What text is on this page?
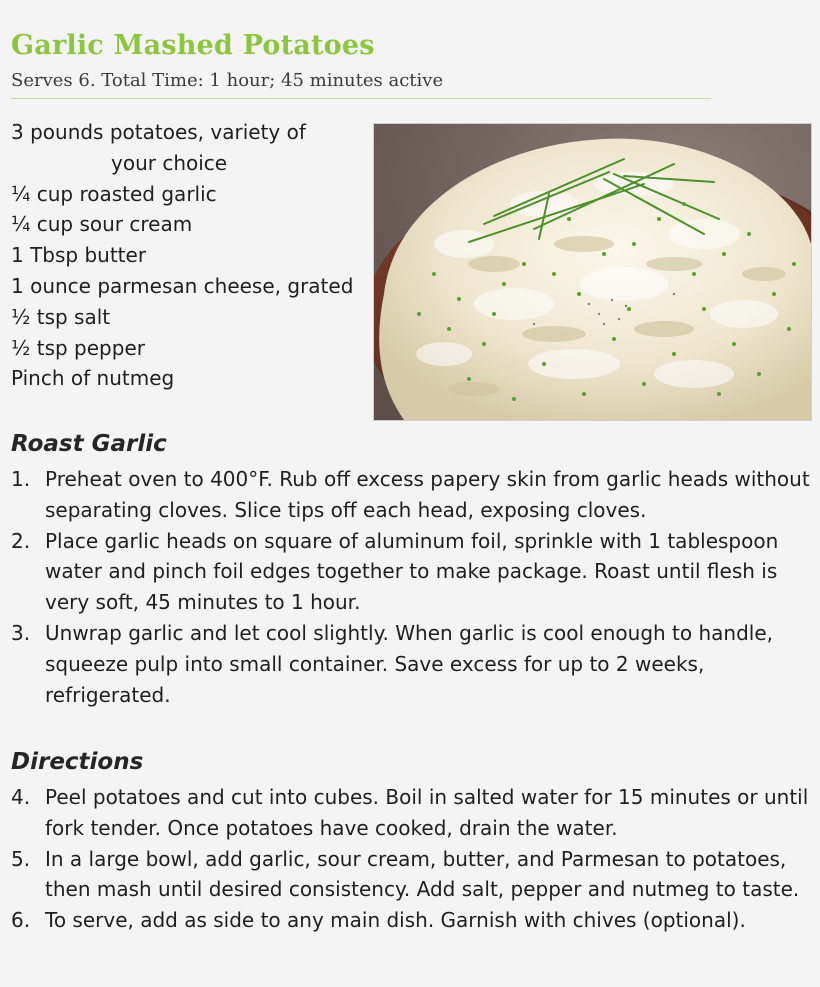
Garlic Mashed Potatoes

Serves 6. Total Time: 1 hour; 45 minutes active

3 pounds potatoes, variety of
your choice
¼ cup roasted garlic
¼ cup sour cream
1 Tbsp butter
1 ounce parmesan cheese, grated
½ tsp salt
½ tsp pepper
Pinch of nutmeg
Roast Garlic
1. Preheat oven to 400°F. Rub off excess papery skin from garlic heads without separating cloves. Slice tips off each head, exposing cloves.
2. Place garlic heads on square of aluminum foil, sprinkle with 1 tablespoon water and pinch foil edges together to make package. Roast until flesh is very soft, 45 minutes to 1 hour.
3. Unwrap garlic and let cool slightly. When garlic is cool enough to handle, squeeze pulp into small container. Save excess for up to 2 weeks, refrigerated.
Directions
4. Peel potatoes and cut into cubes. Boil in salted water for 15 minutes or until fork tender. Once potatoes have cooked, drain the water.
5. In a large bowl, add garlic, sour cream, butter, and Parmesan to potatoes, then mash until desired consistency. Add salt, pepper and nutmeg to taste.
6. To serve, add as side to any main dish. Garnish with chives (optional).
